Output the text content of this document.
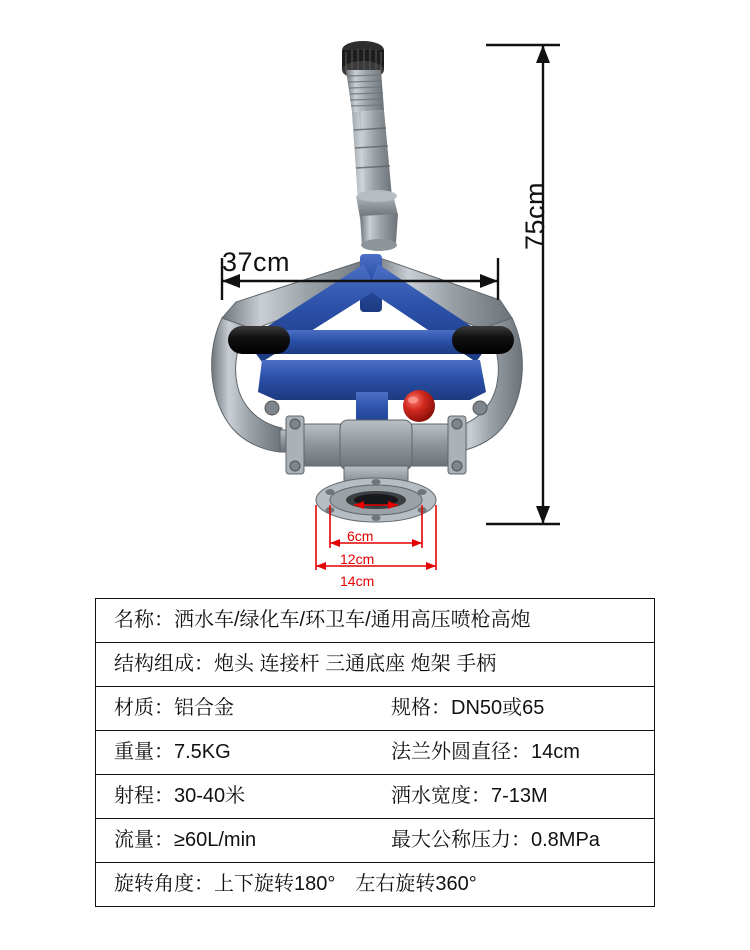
37cm
75cm
6cm
12cm
14cm
名称： 洒水车/绿化车/环卫车/通用高压喷枪高炮
结构组成： 炮头 连接杆 三通底座 炮架 手柄
材质： 铝合金	规格： DN50或65
重量： 7.5KG	法兰外圆直径： 14cm
射程： 30-40米	洒水宽度： 7-13M
流量： ≥60L/min	最大公称压力： 0.8MPa
旋转角度： 上下旋转180°　左右旋转360°
